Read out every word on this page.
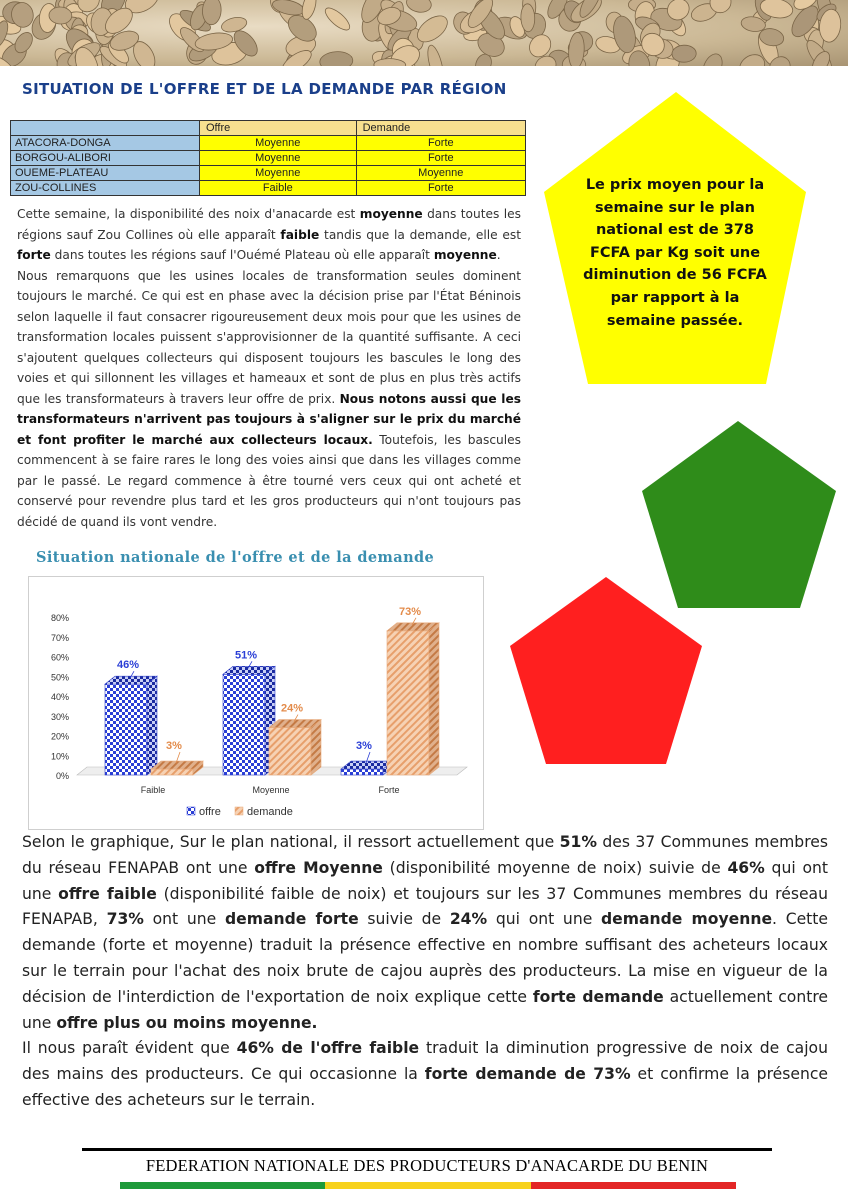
SITUATION DE L'OFFRE ET DE LA DEMANDE PAR RÉGION
	Offre	Demande
ATACORA-DONGA	Moyenne	Forte
BORGOU-ALIBORI	Moyenne	Forte
OUEME-PLATEAU	Moyenne	Moyenne
ZOU-COLLINES	Faible	Forte

Cette semaine, la disponibilité des noix d'anacarde est moyenne dans toutes les régions sauf Zou Collines où elle apparaît faible tandis que la demande, elle est forte dans toutes les régions sauf l'Ouémé Plateau où elle apparaît moyenne.

Nous remarquons que les usines locales de transformation seules dominent toujours le marché. Ce qui est en phase avec la décision prise par l'État Béninois selon laquelle il faut consacrer rigoureusement deux mois pour que les usines de transformation locales puissent s'approvisionner de la quantité suffisante. A ceci s'ajoutent quelques collecteurs qui disposent toujours les bascules le long des voies et qui sillonnent les villages et hameaux et sont de plus en plus très actifs que les transformateurs à travers leur offre de prix. Nous notons aussi que les transformateurs n'arrivent pas toujours à s'aligner sur le prix du marché et font profiter le marché aux collecteurs locaux. Toutefois, les bascules commencent à se faire rares le long des voies ainsi que dans les villages comme par le passé. Le regard commence à être tourné vers ceux qui ont acheté et conservé pour revendre plus tard et les gros producteurs qui n'ont toujours pas décidé de quand ils vont vendre.

Situation nationale de l'offre et de la demande
0%
10%
20%
30%
40%
50%
60%
70%
80%
46%
3%
Faible
51%
24%
Moyenne
3%
73%
Forte
offre demande
Le prix moyen pour la semaine sur le plan national est de 378 FCFA par Kg soit une diminution de 56 FCFA par rapport à la semaine passée.

Selon le graphique, Sur le plan national, il ressort actuellement que 51% des 37 Communes membres du réseau FENAPAB ont une offre Moyenne (disponibilité moyenne de noix) suivie de 46% qui ont une offre faible (disponibilité faible de noix) et toujours sur les 37 Communes membres du réseau FENAPAB, 73% ont une demande forte suivie de 24% qui ont une demande moyenne. Cette demande (forte et moyenne) traduit la présence effective en nombre suffisant des acheteurs locaux sur le terrain pour l'achat des noix brute de cajou auprès des producteurs. La mise en vigueur de la décision de l'interdiction de l'exportation de noix explique cette forte demande actuellement contre une offre plus ou moins moyenne.

Il nous paraît évident que 46% de l'offre faible traduit la diminution progressive de noix de cajou des mains des producteurs. Ce qui occasionne la forte demande de 73% et confirme la présence effective des acheteurs sur le terrain.

FEDERATION NATIONALE DES PRODUCTEURS D'ANACARDE DU BENIN
